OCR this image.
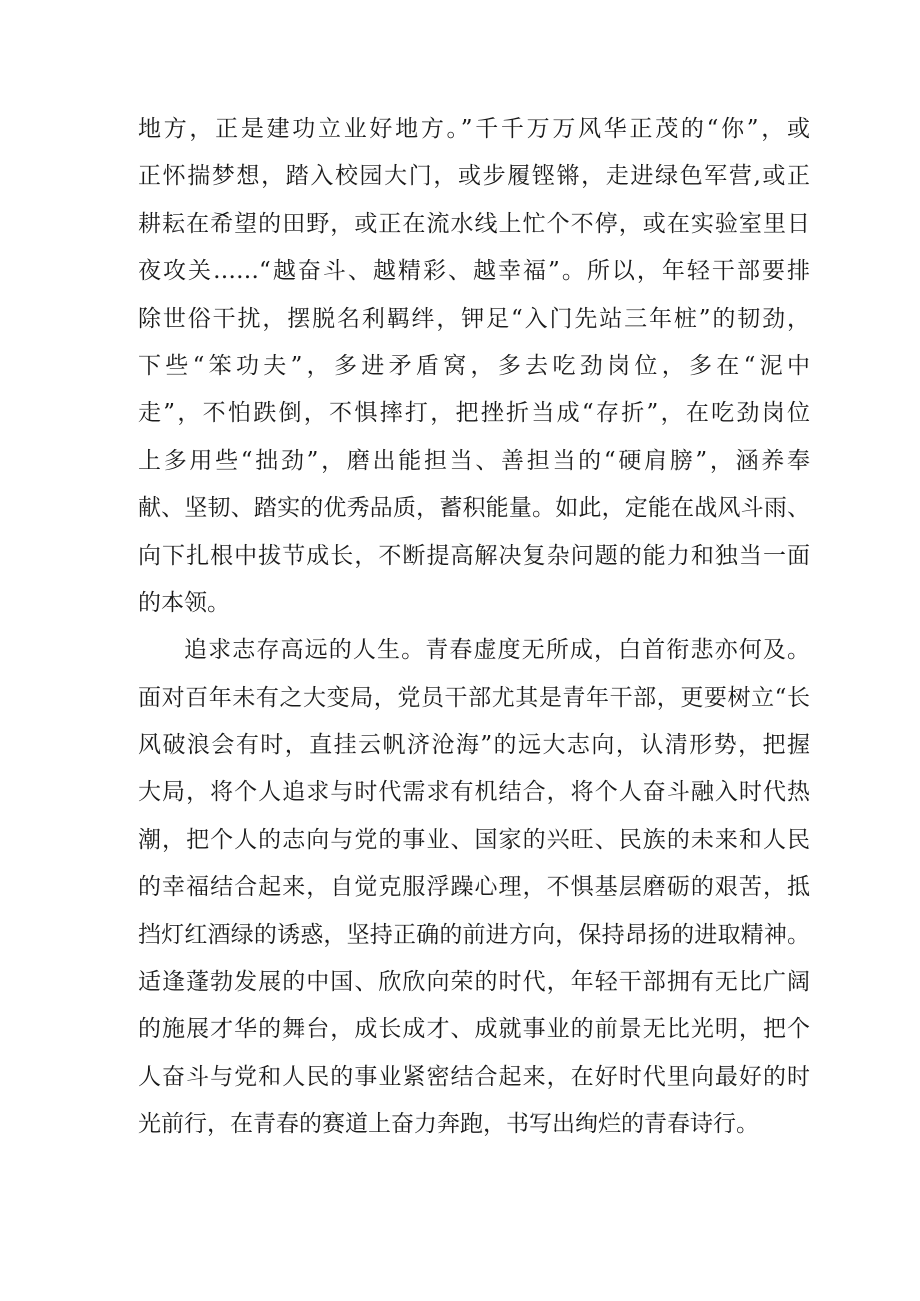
地方，正是建功立业好地方。”千千万万风华正茂的“你”，或
正怀揣梦想，踏入校园大门，或步履铿锵，走进绿色军营,或正
耕耘在希望的田野，或正在流水线上忙个不停，或在实验室里日
夜攻关……“越奋斗、越精彩、越幸福”。所以，年轻干部要排
除世俗干扰，摆脱名利羁绊，钾足“入门先站三年桩”的韧劲，
下些“笨功夫”，多进矛盾窝，多去吃劲岗位，多在“泥中
走”，不怕跌倒，不惧摔打，把挫折当成“存折”，在吃劲岗位
上多用些“拙劲”，磨出能担当、善担当的“硬肩膀”，涵养奉
献、坚韧、踏实的优秀品质，蓄积能量。如此，定能在战风斗雨、
向下扎根中拔节成长，不断提高解决复杂问题的能力和独当一面
的本领。
追求志存高远的人生。青春虚度无所成，白首衔悲亦何及。
面对百年未有之大变局，党员干部尤其是青年干部，更要树立“长
风破浪会有时，直挂云帆济沧海”的远大志向，认清形势，把握
大局，将个人追求与时代需求有机结合，将个人奋斗融入时代热
潮，把个人的志向与党的事业、国家的兴旺、民族的未来和人民
的幸福结合起来，自觉克服浮躁心理，不惧基层磨砺的艰苦，抵
挡灯红酒绿的诱惑，坚持正确的前进方向，保持昂扬的进取精神。
适逢蓬勃发展的中国、欣欣向荣的时代，年轻干部拥有无比广阔
的施展才华的舞台，成长成才、成就事业的前景无比光明，把个
人奋斗与党和人民的事业紧密结合起来，在好时代里向最好的时
光前行，在青春的赛道上奋力奔跑，书写出绚烂的青春诗行。
